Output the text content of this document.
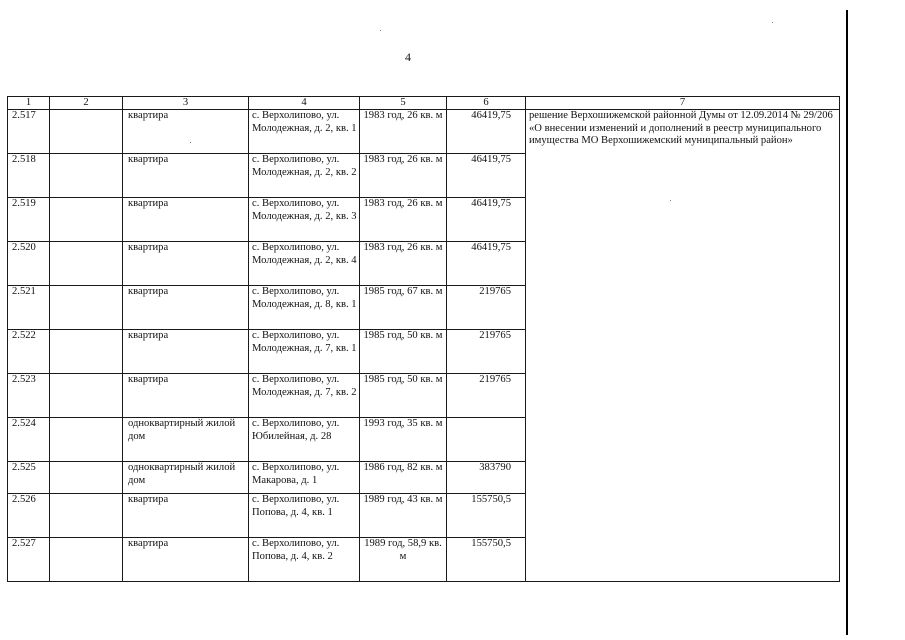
4
1	2	3	4	5	6	7
2.517		квартира	с. Верхолипово, ул. Молодежная, д. 2, кв. 1	1983 год, 26 кв. м	46419,75	решение Верхошижемской районной Думы от 12.09.2014 № 29/206 «О внесении изменений и дополнений в реестр муниципального имущества МО Верхошижемский муниципальный район»

2.518		квартира	с. Верхолипово, ул. Молодежная, д. 2, кв. 2	1983 год, 26 кв. м	46419,75	
2.519		квартира	с. Верхолипово, ул. Молодежная, д. 2, кв. 3	1983 год, 26 кв. м	46419,75	
2.520		квартира	с. Верхолипово, ул. Молодежная, д. 2, кв. 4	1983 год, 26 кв. м	46419,75	
2.521		квартира	с. Верхолипово, ул. Молодежная, д. 8, кв. 1	1985 год, 67 кв. м	219765	
2.522		квартира	с. Верхолипово, ул. Молодежная, д. 7, кв. 1	1985 год, 50 кв. м	219765	
2.523		квартира	с. Верхолипово, ул. Молодежная, д. 7, кв. 2	1985 год, 50 кв. м	219765	
2.524		одноквартирный жилой дом	с. Верхолипово, ул. Юбилейная, д. 28	1993 год, 35 кв. м		
2.525		одноквартирный жилой дом	с. Верхолипово, ул. Макарова, д. 1	1986 год, 82 кв. м	383790	
2.526		квартира	с. Верхолипово, ул. Попова, д. 4, кв. 1	1989 год, 43 кв. м	155750,5	
2.527		квартира	с. Верхолипово, ул. Попова, д. 4, кв. 2	1989 год, 58,9 кв. м	155750,5	
